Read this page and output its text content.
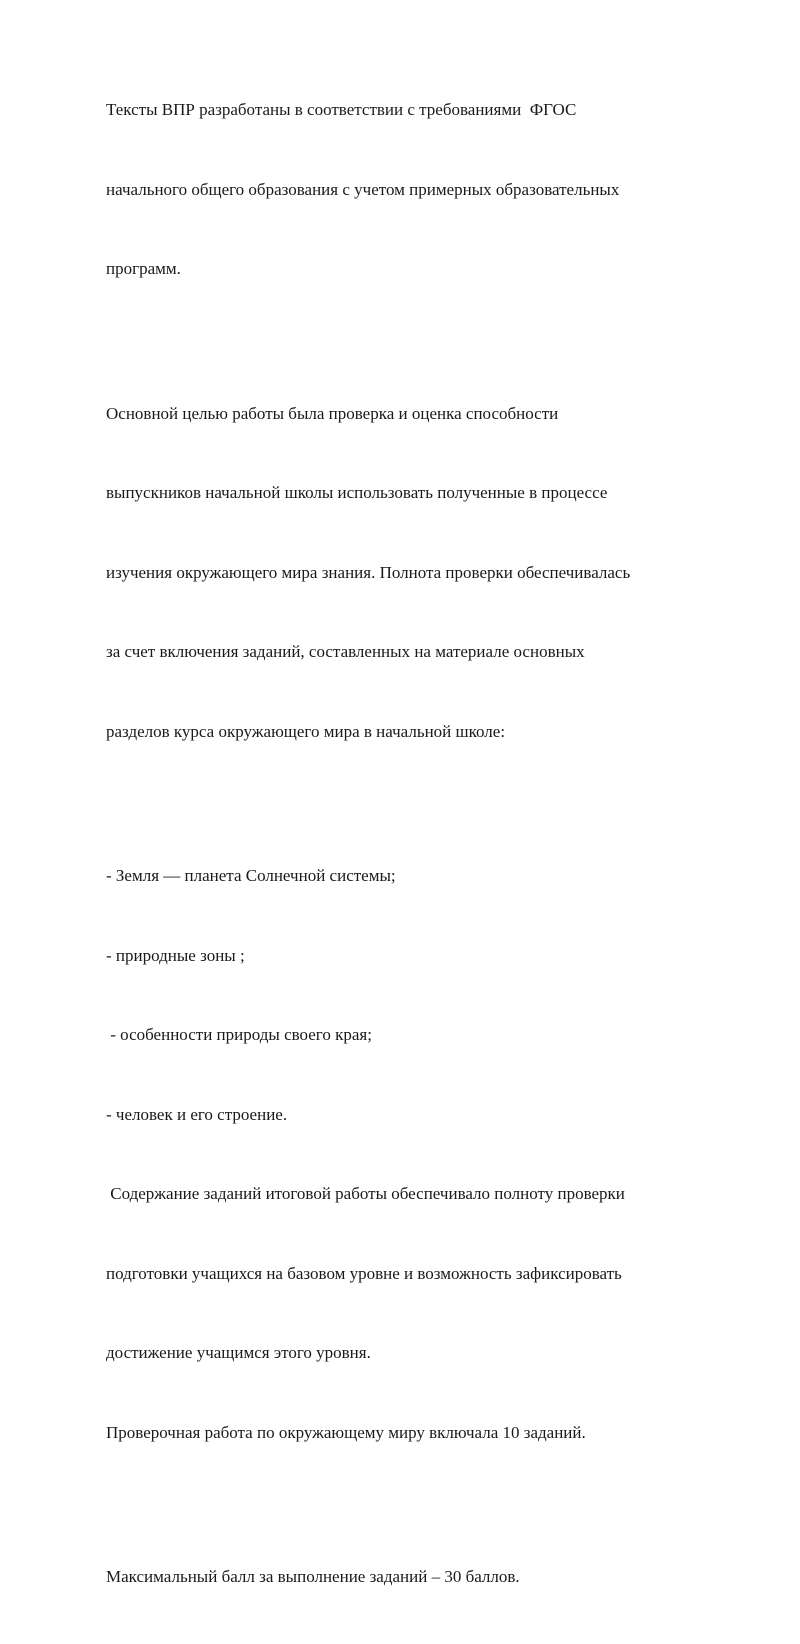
Тексты ВПР разработаны в соответствии с требованиями  ФГОС

начального общего образования с учетом примерных образовательных

программ.

Основной целью работы была проверка и оценка способности

выпускников начальной школы использовать полученные в процессе

изучения окружающего мира знания. Полнота проверки обеспечивалась

за счет включения заданий, составленных на материале основных

разделов курса окружающего мира в начальной школе:

- Земля — планета Солнечной системы;

- природные зоны ;

- особенности природы своего края;

- человек и его строение.

Содержание заданий итоговой работы обеспечивало полноту проверки

подготовки учащихся на базовом уровне и возможность зафиксировать

достижение учащимся этого уровня.

Проверочная работа по окружающему миру включала 10 заданий.

Максимальный балл за выполнение заданий – 30 баллов.
